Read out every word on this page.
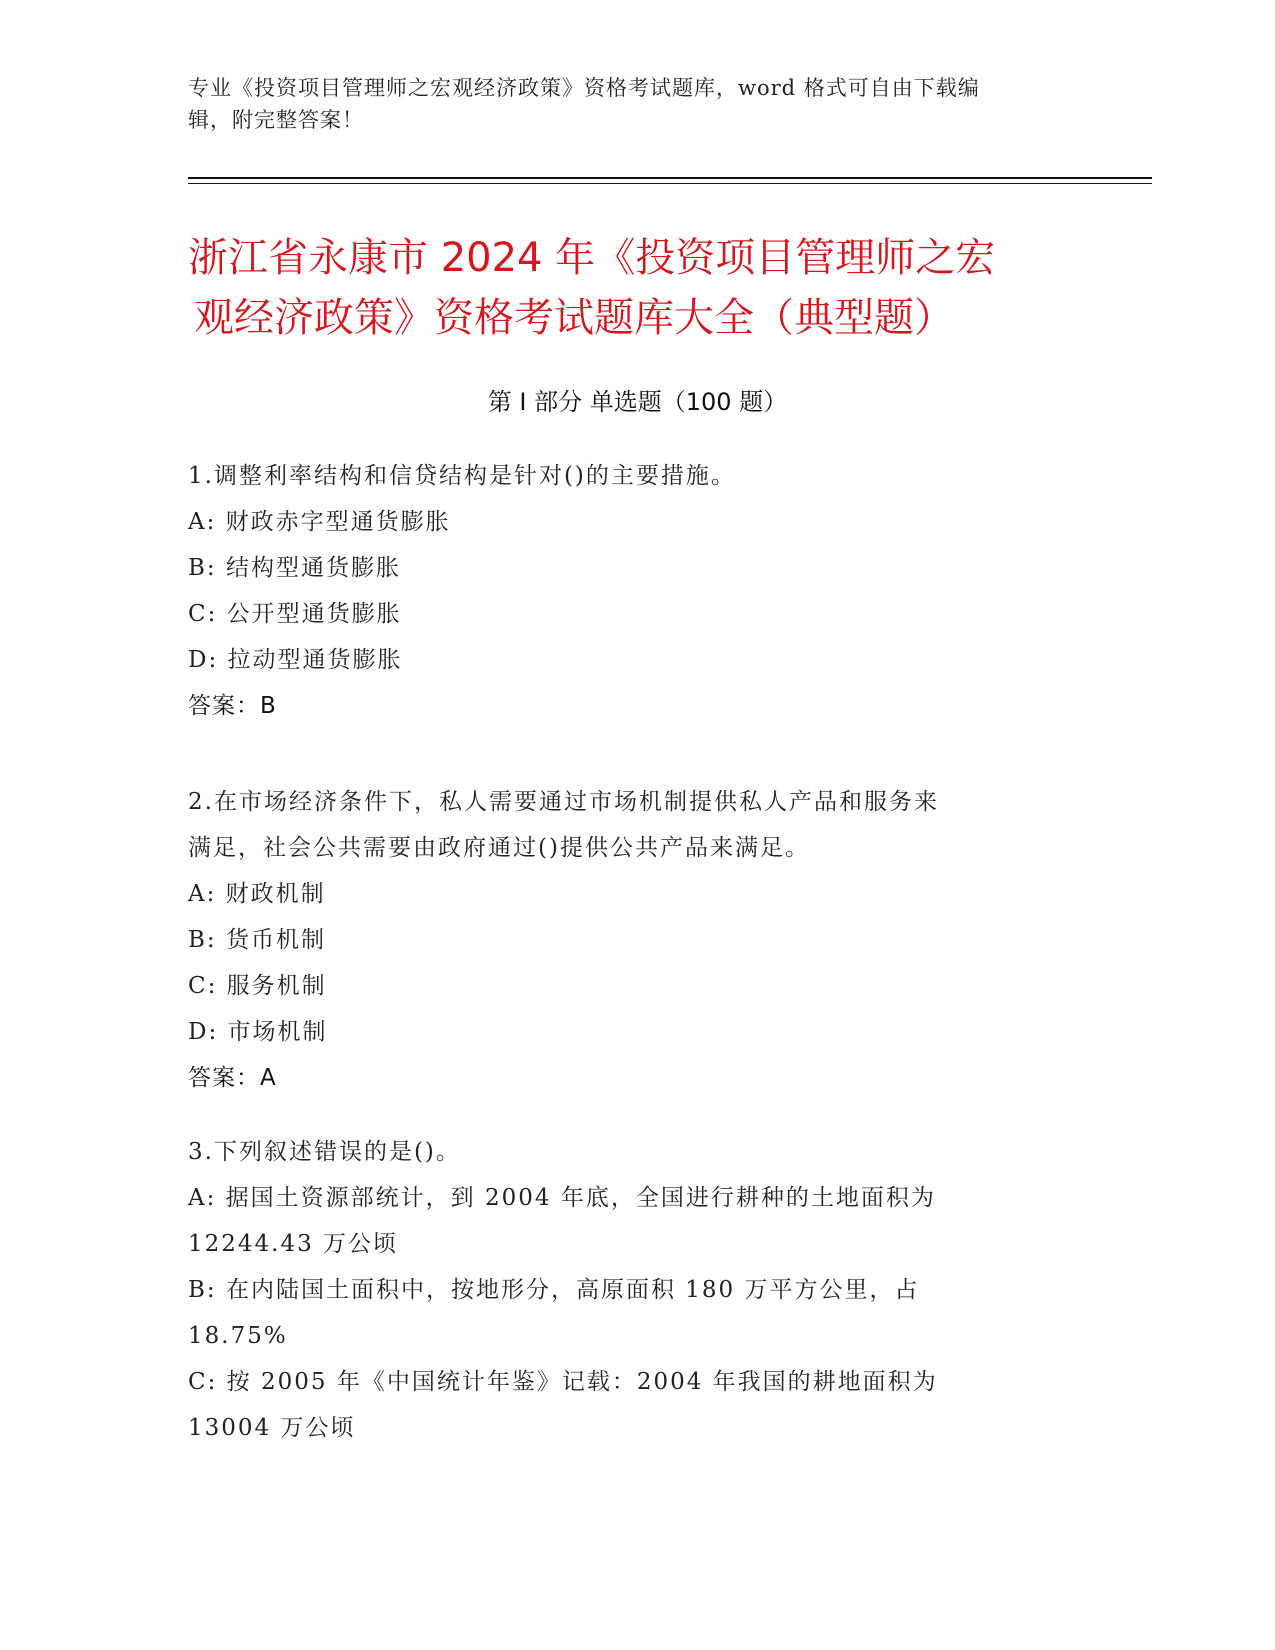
专业《投资项目管理师之宏观经济政策》资格考试题库，word 格式可自由下载编
辑，附完整答案！
浙江省永康市 2024 年《投资项目管理师之宏
观经济政策》资格考试题库大全（典型题）
第 I 部分 单选题（100 题）
1.调整利率结构和信贷结构是针对()的主要措施。
A: 财政赤字型通货膨胀
B: 结构型通货膨胀
C: 公开型通货膨胀
D: 拉动型通货膨胀
答案：B
2.在市场经济条件下，私人需要通过市场机制提供私人产品和服务来
满足，社会公共需要由政府通过()提供公共产品来满足。
A: 财政机制
B: 货币机制
C: 服务机制
D: 市场机制
答案：A
3.下列叙述错误的是()。
A: 据国土资源部统计，到 2004 年底，全国进行耕种的土地面积为
12244.43 万公顷
B: 在内陆国土面积中，按地形分，高原面积 180 万平方公里，占
18.75%
C: 按 2005 年《中国统计年鉴》记载：2004 年我国的耕地面积为
13004 万公顷
